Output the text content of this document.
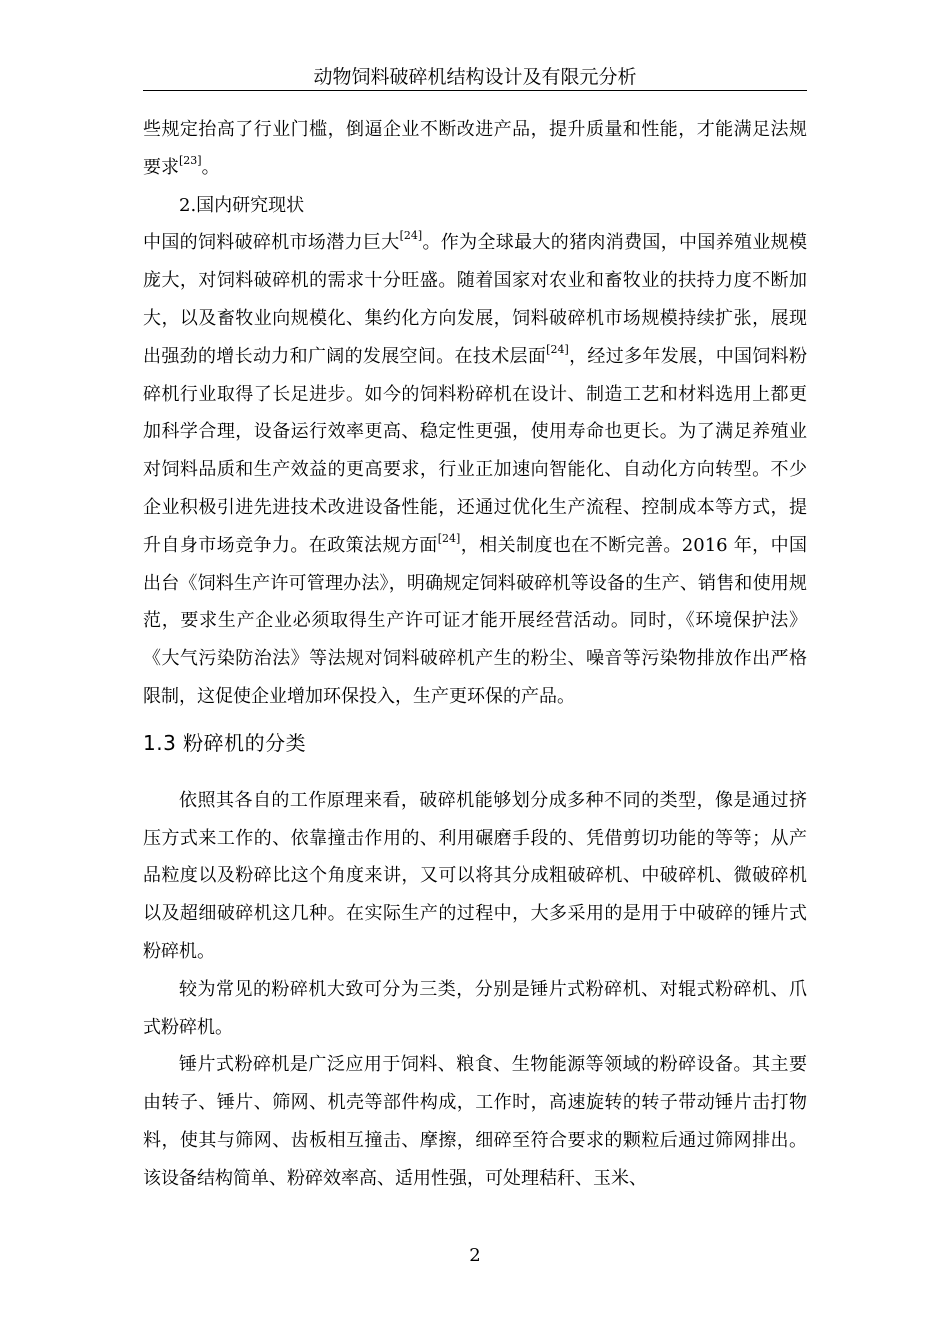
动物饲料破碎机结构设计及有限元分析

些规定抬高了行业门槛，倒逼企业不断改进产品，提升质量和性能，才能满足法规要求[23]。

2.国内研究现状

中国的饲料破碎机市场潜力巨大[24]。作为全球最大的猪肉消费国，中国养殖业规模庞大，对饲料破碎机的需求十分旺盛。随着国家对农业和畜牧业的扶持力度不断加大，以及畜牧业向规模化、集约化方向发展，饲料破碎机市场规模持续扩张，展现出强劲的增长动力和广阔的发展空间。在技术层面[24]，经过多年发展，中国饲料粉碎机行业取得了长足进步。如今的饲料粉碎机在设计、制造工艺和材料选用上都更加科学合理，设备运行效率更高、稳定性更强，使用寿命也更长。为了满足养殖业对饲料品质和生产效益的更高要求，行业正加速向智能化、自动化方向转型。不少企业积极引进先进技术改进设备性能，还通过优化生产流程、控制成本等方式，提升自身市场竞争力。在政策法规方面[24]，相关制度也在不断完善。2016 年，中国出台《饲料生产许可管理办法》，明确规定饲料破碎机等设备的生产、销售和使用规范，要求生产企业必须取得生产许可证才能开展经营活动。同时，《环境保护法》《大气污染防治法》等法规对饲料破碎机产生的粉尘、噪音等污染物排放作出严格限制，这促使企业增加环保投入，生产更环保的产品。

1.3 粉碎机的分类

依照其各自的工作原理来看，破碎机能够划分成多种不同的类型，像是通过挤压方式来工作的、依靠撞击作用的、利用碾磨手段的、凭借剪切功能的等等；从产品粒度以及粉碎比这个角度来讲，又可以将其分成粗破碎机、中破碎机、微破碎机以及超细破碎机这几种。在实际生产的过程中，大多采用的是用于中破碎的锤片式粉碎机。

较为常见的粉碎机大致可分为三类，分别是锤片式粉碎机、对辊式粉碎机、爪式粉碎机。

锤片式粉碎机是广泛应用于饲料、粮食、生物能源等领域的粉碎设备。其主要由转子、锤片、筛网、机壳等部件构成，工作时，高速旋转的转子带动锤片击打物料，使其与筛网、齿板相互撞击、摩擦，细碎至符合要求的颗粒后通过筛网排出。该设备结构简单、粉碎效率高、适用性强，可处理秸秆、玉米、

2
